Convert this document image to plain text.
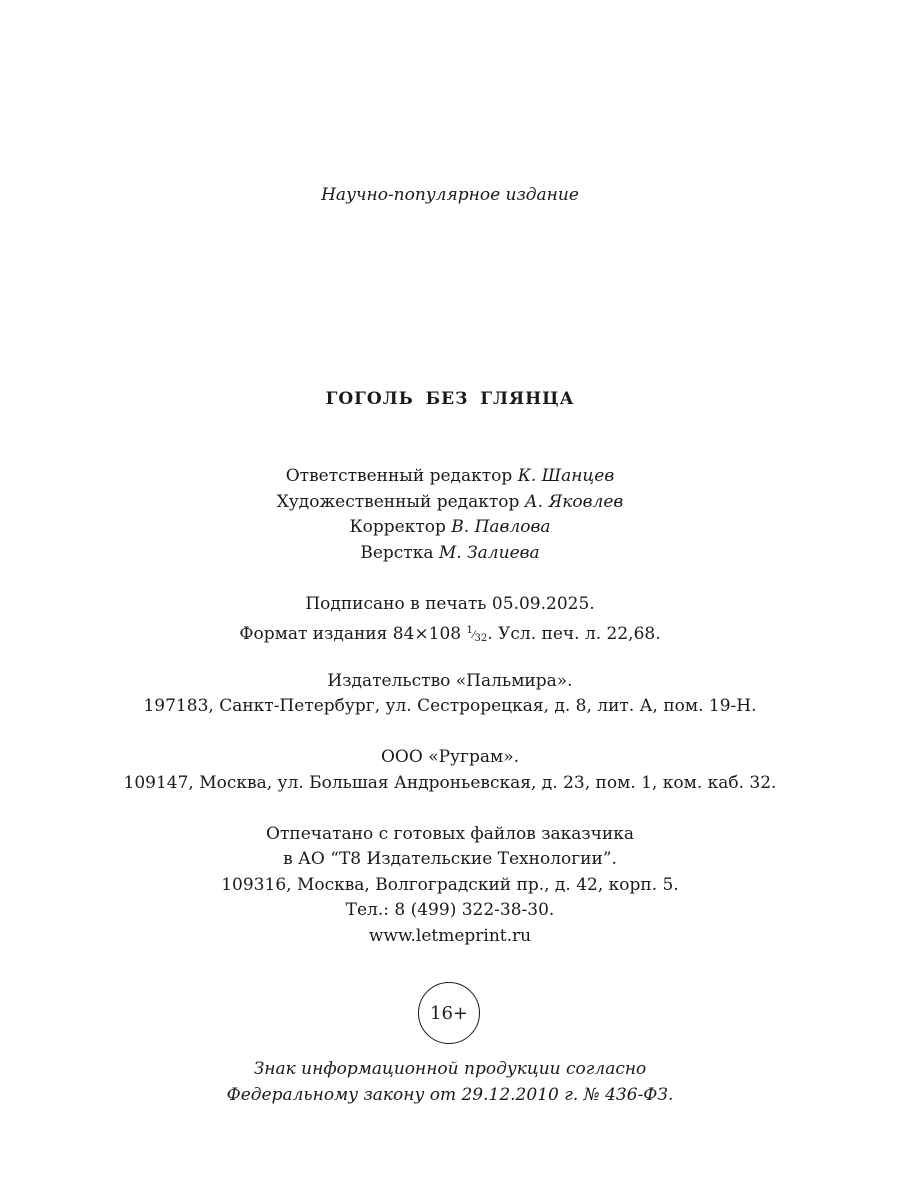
Научно-популярное издание
ГОГОЛЬ БЕЗ ГЛЯНЦА
Ответственный редактор К. Шанцев
Художественный редактор А. Яковлев
Корректор В. Павлова
Верстка М. Залиева
Подписано в печать 05.09.2025.
Формат издания 84×108 1⁄32. Усл. печ. л. 22,68.
Издательство «Пальмира».
197183, Санкт-Петербург, ул. Сестрорецкая, д. 8, лит. А, пом. 19-Н.
ООО «Руграм».
109147, Москва, ул. Большая Андроньевская, д. 23, пом. 1, ком. каб. 32.
Отпечатано с готовых файлов заказчика
в АО “Т8 Издательские Технологии”.
109316, Москва, Волгоградский пр., д. 42, корп. 5.
Тел.: 8 (499) 322-38-30.
www.letmeprint.ru
16+
Знак информационной продукции согласно
Федеральному закону от 29.12.2010 г. № 436-ФЗ.
